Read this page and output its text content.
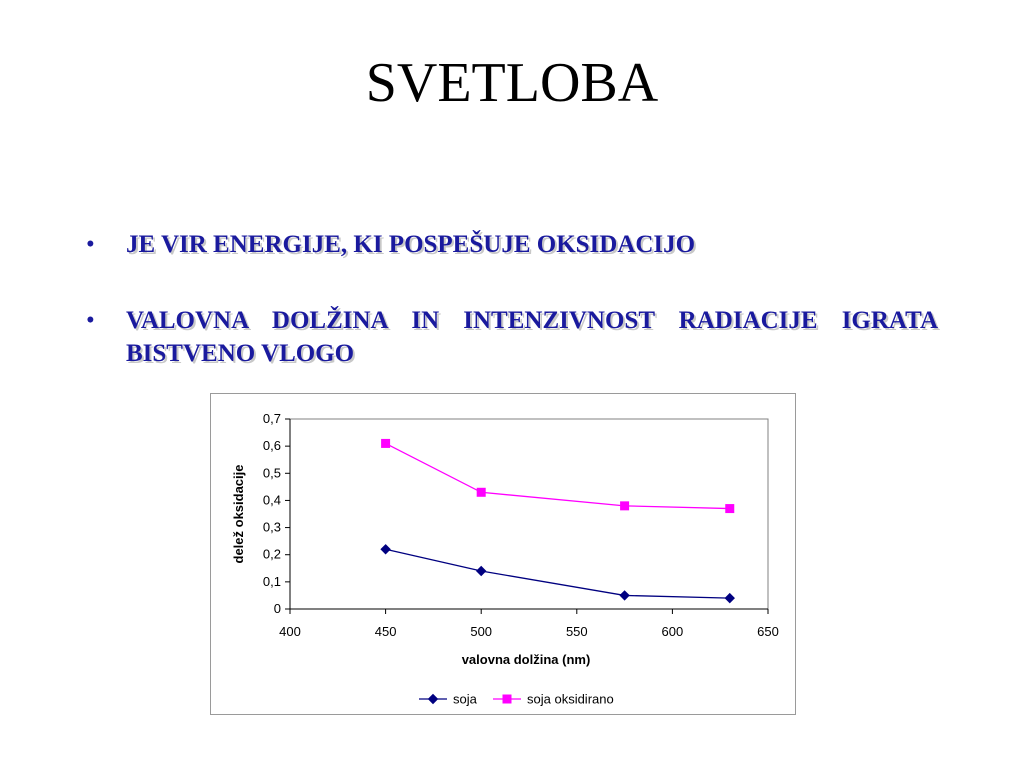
SVETLOBA

• JE VIR ENERGIJE, KI POSPEŠUJE OKSIDACIJO

• VALOVNA DOLŽINA IN INTENZIVNOST RADIACIJE IGRATA BISTVENO VLOGO

0
0,1
0,2
0,3
0,4
0,5
0,6
0,7
400	450	500	550	600	650
valovna dolžina (nm)
delež oksidacije
soja	soja oksidirano
